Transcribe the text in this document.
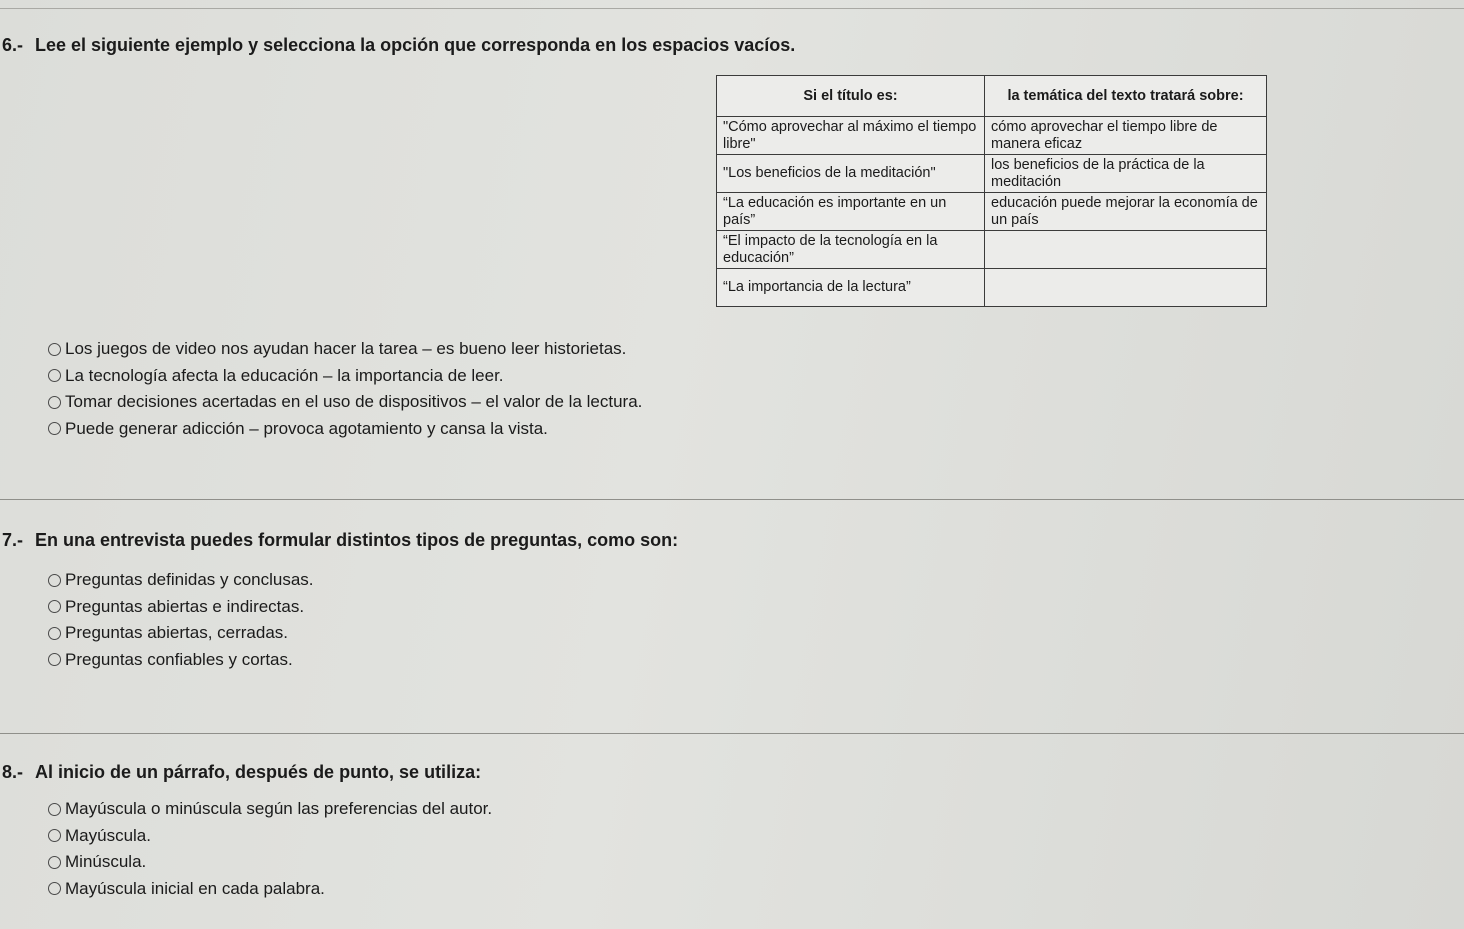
6.- Lee el siguiente ejemplo y selecciona la opción que corresponda en los espacios vacíos.
Si el título es:	la temática del texto tratará sobre:
"Cómo aprovechar al máximo el tiempo libre"	cómo aprovechar el tiempo libre de manera eficaz
"Los beneficios de la meditación"	los beneficios de la práctica de la meditación
“La educación es importante en un país”	educación puede mejorar la economía de un país
“El impacto de la tecnología en la educación”	
“La importancia de la lectura”	
Los juegos de video nos ayudan hacer la tarea – es bueno leer historietas.
La tecnología afecta la educación – la importancia de leer.
Tomar decisiones acertadas en el uso de dispositivos – el valor de la lectura.
Puede generar adicción – provoca agotamiento y cansa la vista.
7.- En una entrevista puedes formular distintos tipos de preguntas, como son:
Preguntas definidas y conclusas.
Preguntas abiertas e indirectas.
Preguntas abiertas, cerradas.
Preguntas confiables y cortas.
8.- Al inicio de un párrafo, después de punto, se utiliza:
Mayúscula o minúscula según las preferencias del autor.
Mayúscula.
Minúscula.
Mayúscula inicial en cada palabra.
